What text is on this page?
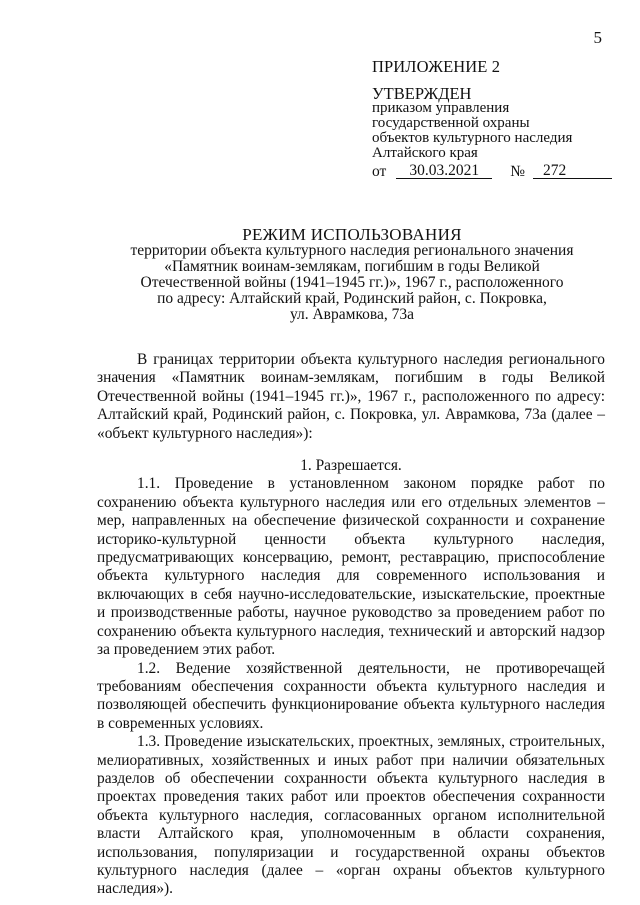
5
ПРИЛОЖЕНИЕ 2
УТВЕРЖДЕН
приказом управления
государственной охраны
объектов культурного наследия
Алтайского края
от	30.03.2021	№	272
РЕЖИМ ИСПОЛЬЗОВАНИЯ
территории объекта культурного наследия регионального значения
«Памятник воинам-землякам, погибшим в годы Великой
Отечественной войны (1941–1945 гг.)», 1967 г., расположенного
по адресу: Алтайский край, Родинский район, с. Покровка,
ул. Аврамкова, 73а

В границах территории объекта культурного наследия регионального значения «Памятник воинам-землякам, погибшим в годы Великой Отечественной войны (1941–1945 гг.)», 1967 г., расположенного по адресу: Алтайский край, Родинский район, с. Покровка, ул. Аврамкова, 73а (далее – «объект культурного наследия»):

1. Разрешается.

1.1. Проведение в установленном законом порядке работ по сохранению объекта культурного наследия или его отдельных элементов – мер, направленных на обеспечение физической сохранности и сохранение историко-культурной ценности объекта культурного наследия, предусматривающих консервацию, ремонт, реставрацию, приспособление объекта культурного наследия для современного использования и включающих в себя научно-исследовательские, изыскательские, проектные и производственные работы, научное руководство за проведением работ по сохранению объекта культурного наследия, технический и авторский надзор за проведением этих работ.

1.2. Ведение хозяйственной деятельности, не противоречащей требованиям обеспечения сохранности объекта культурного наследия и позволяющей обеспечить функционирование объекта культурного наследия в современных условиях.

1.3. Проведение изыскательских, проектных, земляных, строительных, мелиоративных, хозяйственных и иных работ при наличии обязательных разделов об обеспечении сохранности объекта культурного наследия в проектах проведения таких работ или проектов обеспечения сохранности объекта культурного наследия, согласованных органом исполнительной власти Алтайского края, уполномоченным в области сохранения, использования, популяризации и государственной охраны объектов культурного наследия (далее – «орган охраны объектов культурного наследия»).
